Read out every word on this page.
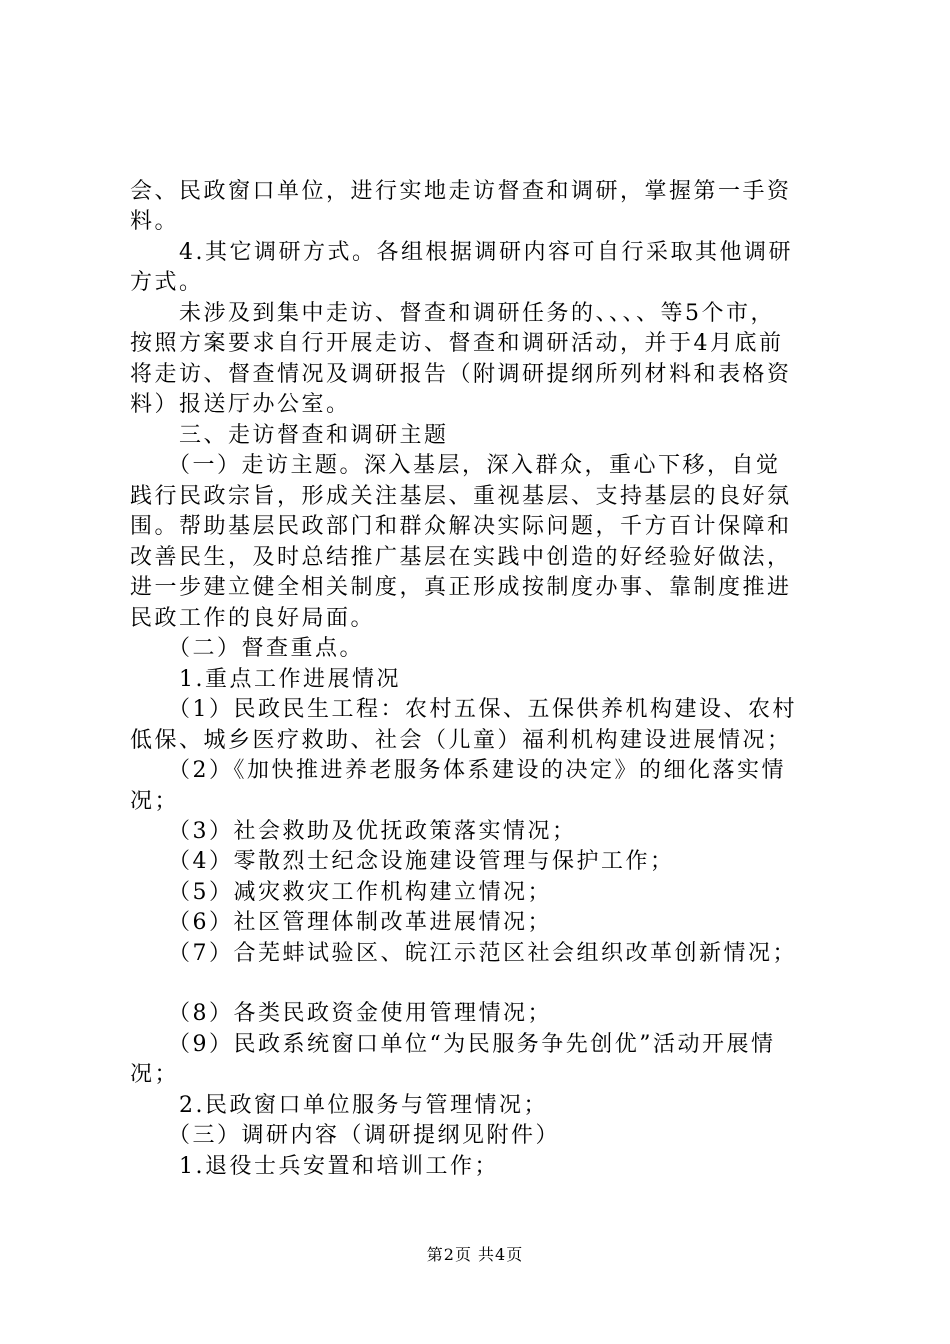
会、民政窗口单位，进行实地走访督查和调研，掌握第一手资
料。
　　4.其它调研方式。各组根据调研内容可自行采取其他调研
方式。
　　未涉及到集中走访、督查和调研任务的、、、、等5个市，
按照方案要求自行开展走访、督查和调研活动，并于4月底前
将走访、督查情况及调研报告（附调研提纲所列材料和表格资
料）报送厅办公室。
　　三、走访督查和调研主题
　　（一）走访主题。深入基层，深入群众，重心下移，自觉
践行民政宗旨，形成关注基层、重视基层、支持基层的良好氛
围。帮助基层民政部门和群众解决实际问题，千方百计保障和
改善民生，及时总结推广基层在实践中创造的好经验好做法，
进一步建立健全相关制度，真正形成按制度办事、靠制度推进
民政工作的良好局面。
　　（二）督查重点。
　　1.重点工作进展情况
　　（1）民政民生工程：农村五保、五保供养机构建设、农村
低保、城乡医疗救助、社会（儿童）福利机构建设进展情况；
　　（2）《加快推进养老服务体系建设的决定》的细化落实情
况；
　　（3）社会救助及优抚政策落实情况；
　　（4）零散烈士纪念设施建设管理与保护工作；
　　（5）减灾救灾工作机构建立情况；
　　（6）社区管理体制改革进展情况；
　　（7）合芜蚌试验区、皖江示范区社会组织改革创新情况；
　　（8）各类民政资金使用管理情况；
　　（9）民政系统窗口单位“为民服务争先创优”活动开展情
况；
　　2.民政窗口单位服务与管理情况；
　　（三）调研内容（调研提纲见附件）
　　1.退役士兵安置和培训工作；
第2页 共4页
